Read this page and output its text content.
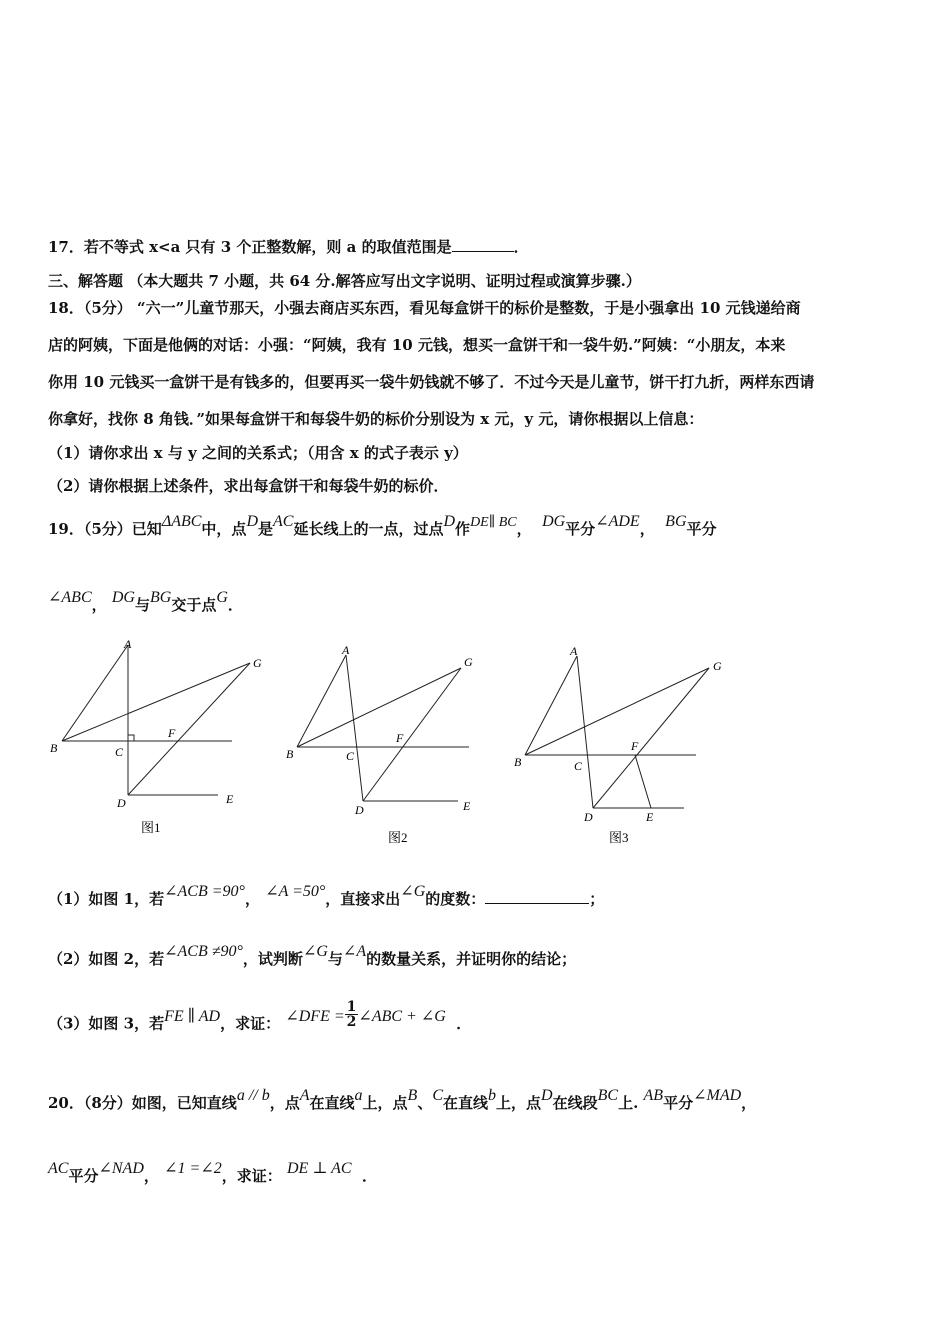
17．若不等式 x<a 只有 3 个正整数解，则 a 的取值范围是	．
三、解答题 （本大题共 7 小题，共 64 分.解答应写出文字说明、证明过程或演算步骤.）
18．（5分） “六一”儿童节那天，小强去商店买东西，看见每盒饼干的标价是整数，于是小强拿出 10 元钱递给商
店的阿姨，下面是他俩的对话：小强：“阿姨，我有 10 元钱，想买一盒饼干和一袋牛奶.”阿姨：“小朋友，本来
你用 10 元钱买一盒饼干是有钱多的，但要再买一袋牛奶钱就不够了．不过今天是儿童节，饼干打九折，两样东西请
你拿好，找你 8 角钱．”如果每盒饼干和每袋牛奶的标价分别设为 x 元，y 元，请你根据以上信息：
（1）请你求出 x 与 y 之间的关系式；（用含 x 的式子表示 y）
（2）请你根据上述条件，求出每盒饼干和每袋牛奶的标价．
19．（5分）已知ΔABC中，点D是AC延长线上的一点，过点D作DE∥ BC， DG平分∠ADE， BG平分
∠ABC， DG与BG交于点G．
A
B	C
F
G
D	E
图1
A
B	C
F
G
D	E
图2
A
B	C
F
G
D	E
图3
（1）如图 1，若∠ACB =90°， ∠A =50°，直接求出∠G的度数：	；
（2）如图 2，若∠ACB ≠90°，试判断∠G与∠A的数量关系，并证明你的结论；
（3）如图 3，若FE ∥ AD，求证： ∠DFE = $\frac{1}{2}$ ∠ABC + ∠G ．
20．（8分）如图，已知直线a // b，点A在直线a上，点B、C在直线b上，点D在线段BC上. AB平分∠MAD，
AC平分∠NAD， ∠1 =∠2，求证： DE ⊥ AC ．
